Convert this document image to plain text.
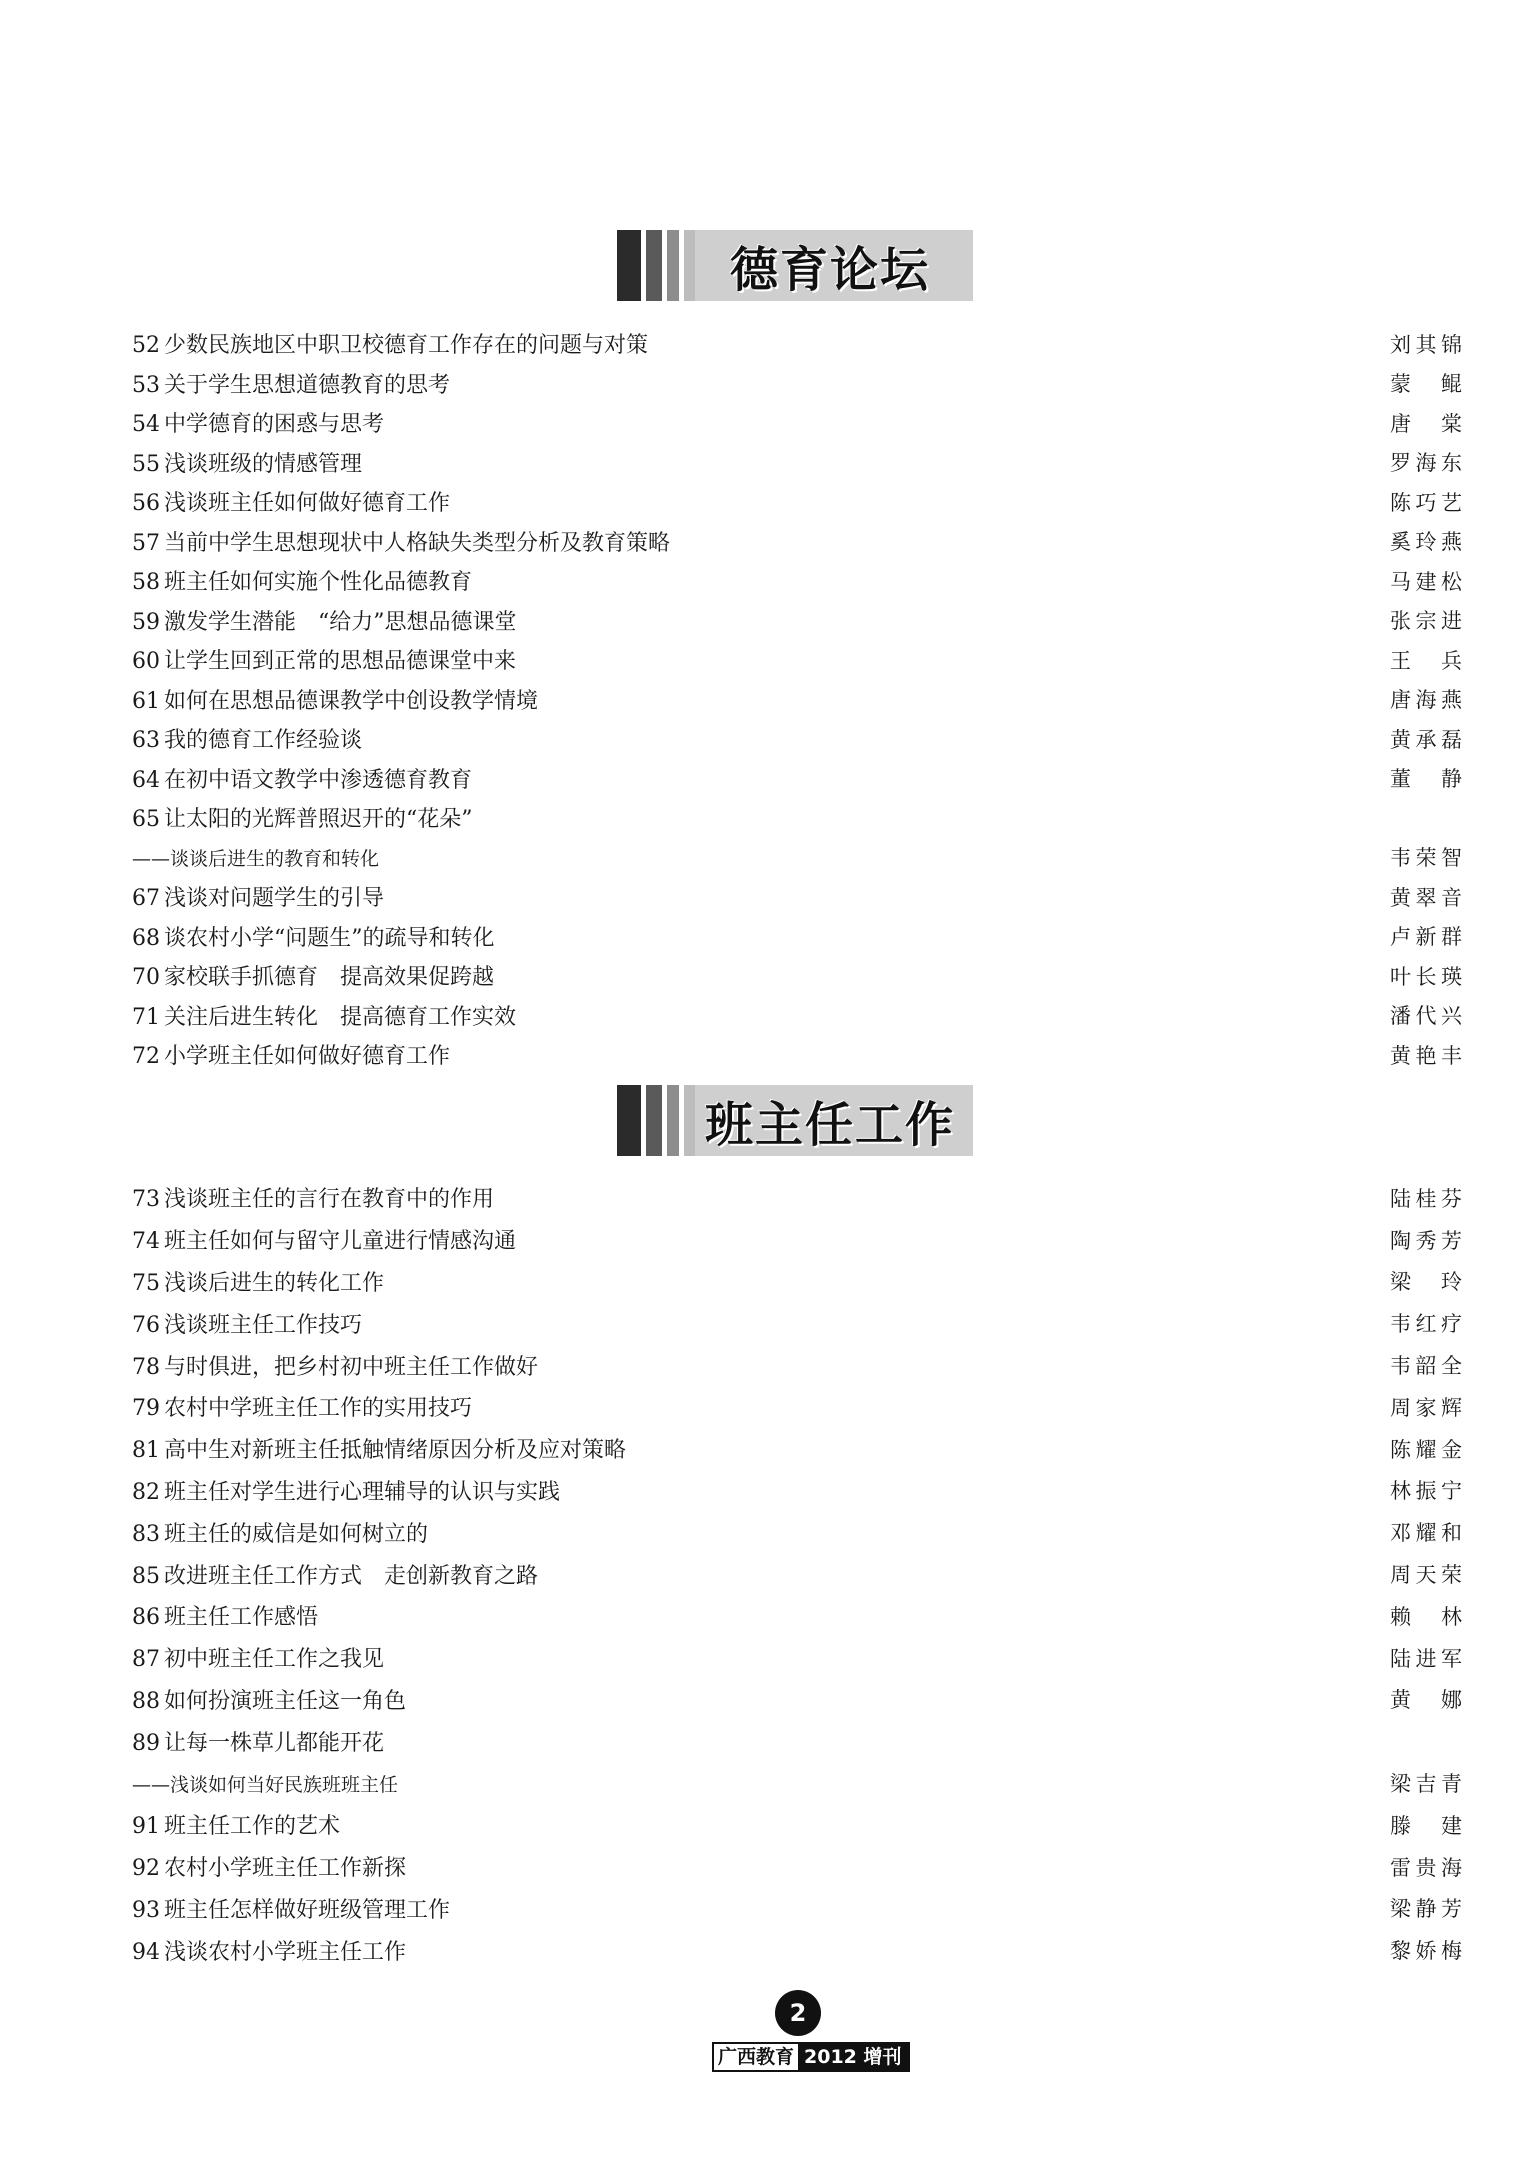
德育论坛
52 少数民族地区中职卫校德育工作存在的问题与对策	刘其锦
53 关于学生思想道德教育的思考	蒙鲲
54 中学德育的困惑与思考	唐棠
55 浅谈班级的情感管理	罗海东
56 浅谈班主任如何做好德育工作	陈巧艺
57 当前中学生思想现状中人格缺失类型分析及教育策略	奚玲燕
58 班主任如何实施个性化品德教育	马建松
59 激发学生潜能　“给力”思想品德课堂	张宗进
60 让学生回到正常的思想品德课堂中来	王兵
61 如何在思想品德课教学中创设教学情境	唐海燕
63 我的德育工作经验谈	黄承磊
64 在初中语文教学中渗透德育教育	董静
65 让太阳的光辉普照迟开的“花朵”
——谈谈后进生的教育和转化	韦荣智
67 浅谈对问题学生的引导	黄翠音
68 谈农村小学“问题生”的疏导和转化	卢新群
70 家校联手抓德育　提高效果促跨越	叶长瑛
71 关注后进生转化　提高德育工作实效	潘代兴
72 小学班主任如何做好德育工作	黄艳丰
班主任工作
73 浅谈班主任的言行在教育中的作用	陆桂芬
74 班主任如何与留守儿童进行情感沟通	陶秀芳
75 浅谈后进生的转化工作	梁玲
76 浅谈班主任工作技巧	韦红疗
78 与时俱进，把乡村初中班主任工作做好	韦韶全
79 农村中学班主任工作的实用技巧	周家辉
81 高中生对新班主任抵触情绪原因分析及应对策略	陈耀金
82 班主任对学生进行心理辅导的认识与实践	林振宁
83 班主任的威信是如何树立的	邓耀和
85 改进班主任工作方式　走创新教育之路	周天荣
86 班主任工作感悟	赖林
87 初中班主任工作之我见	陆进军
88 如何扮演班主任这一角色	黄娜
89 让每一株草儿都能开花
——浅谈如何当好民族班班主任	梁吉青
91 班主任工作的艺术	滕建
92 农村小学班主任工作新探	雷贵海
93 班主任怎样做好班级管理工作	梁静芳
94 浅谈农村小学班主任工作	黎娇梅
2
广西教育 2012 增刊
